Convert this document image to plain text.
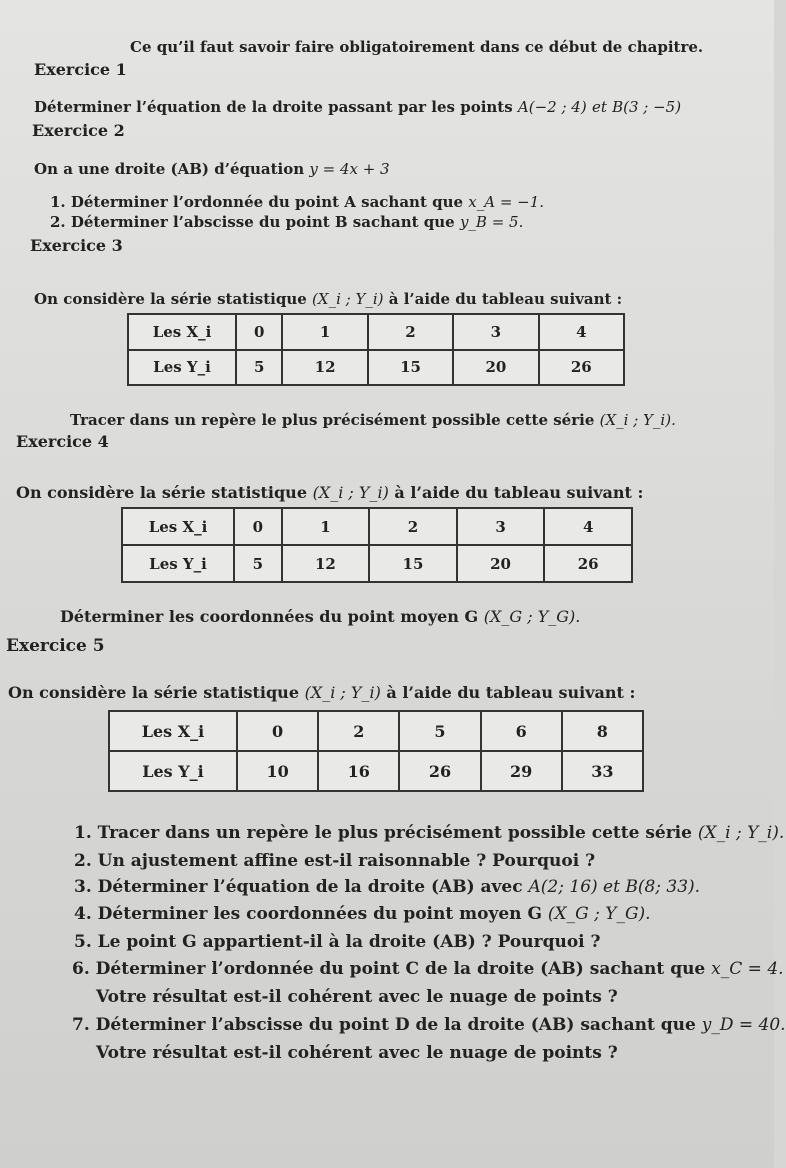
Ce qu’il faut savoir faire obligatoirement dans ce début de chapitre.
Exercice 1
Déterminer l’équation de la droite passant par les points A(−2 ; 4) et B(3 ; −5)
Exercice 2
On a une droite (AB) d’équation y = 4x + 3
1. Déterminer l’ordonnée du point A sachant que x_A = −1.
2. Déterminer l’abscisse du point B sachant que y_B = 5.
Exercice 3
On considère la série statistique (X_i ; Y_i) à l’aide du tableau suivant :
Les X_i	0	1	2	3	4
Les Y_i	5	12	15	20	26
Tracer dans un repère le plus précisément possible cette série (X_i ; Y_i).
Exercice 4
On considère la série statistique (X_i ; Y_i) à l’aide du tableau suivant :
Les X_i	0	1	2	3	4
Les Y_i	5	12	15	20	26
Déterminer les coordonnées du point moyen G (X_G ; Y_G).
Exercice 5
On considère la série statistique (X_i ; Y_i) à l’aide du tableau suivant :
Les X_i	0	2	5	6	8
Les Y_i	10	16	26	29	33
1. Tracer dans un repère le plus précisément possible cette série (X_i ; Y_i).
2. Un ajustement affine est-il raisonnable ? Pourquoi ?
3. Déterminer l’équation de la droite (AB) avec A(2; 16) et B(8; 33).
4. Déterminer les coordonnées du point moyen G (X_G ; Y_G).
5. Le point G appartient-il à la droite (AB) ? Pourquoi ?
6. Déterminer l’ordonnée du point C de la droite (AB) sachant que x_C = 4.
Votre résultat est-il cohérent avec le nuage de points ?
7. Déterminer l’abscisse du point D de la droite (AB) sachant que y_D = 40.
Votre résultat est-il cohérent avec le nuage de points ?
